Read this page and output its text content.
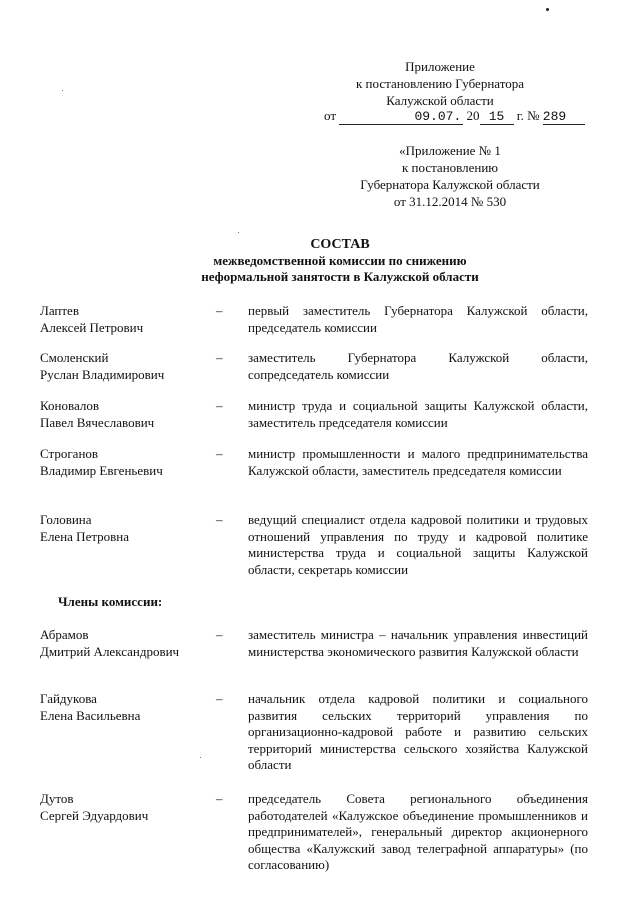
Приложение
к постановлению Губернатора
Калужской области
от	09.07. 20 15 г. № 289
«Приложение № 1
к постановлению
Губернатора Калужской области
от 31.12.2014 № 530
СОСТАВ
межведомственной комиссии по снижению
неформальной занятости в Калужской области
Лаптев
Алексей Петрович
– первый заместитель Губернатора Калужской области, председатель комиссии
Смоленский
Руслан Владимирович
– заместитель Губернатора Калужской области, сопредседатель комиссии
Коновалов
Павел Вячеславович
– министр труда и социальной защиты Калужской области, заместитель председателя комиссии
Строганов
Владимир Евгеньевич
– министр промышленности и малого предпринимательства Калужской области, заместитель председателя комиссии
Головина
Елена Петровна
– ведущий специалист отдела кадровой политики и трудовых отношений управления по труду и кадровой политике министерства труда и социальной защиты Калужской области, секретарь комиссии
Члены комиссии:
Абрамов
Дмитрий Александрович
– заместитель министра – начальник управления инвестиций министерства экономического развития Калужской области
Гайдукова
Елена Васильевна
– начальник отдела кадровой политики и социального развития сельских территорий управления по организационно-кадровой работе и развитию сельских территорий министерства сельского хозяйства Калужской области
Дутов
Сергей Эдуардович
– председатель Совета регионального объединения работодателей «Калужское объединение промышленников и предпринимателей», генеральный директор акционерного общества «Калужский завод телеграфной аппаратуры» (по согласованию)
